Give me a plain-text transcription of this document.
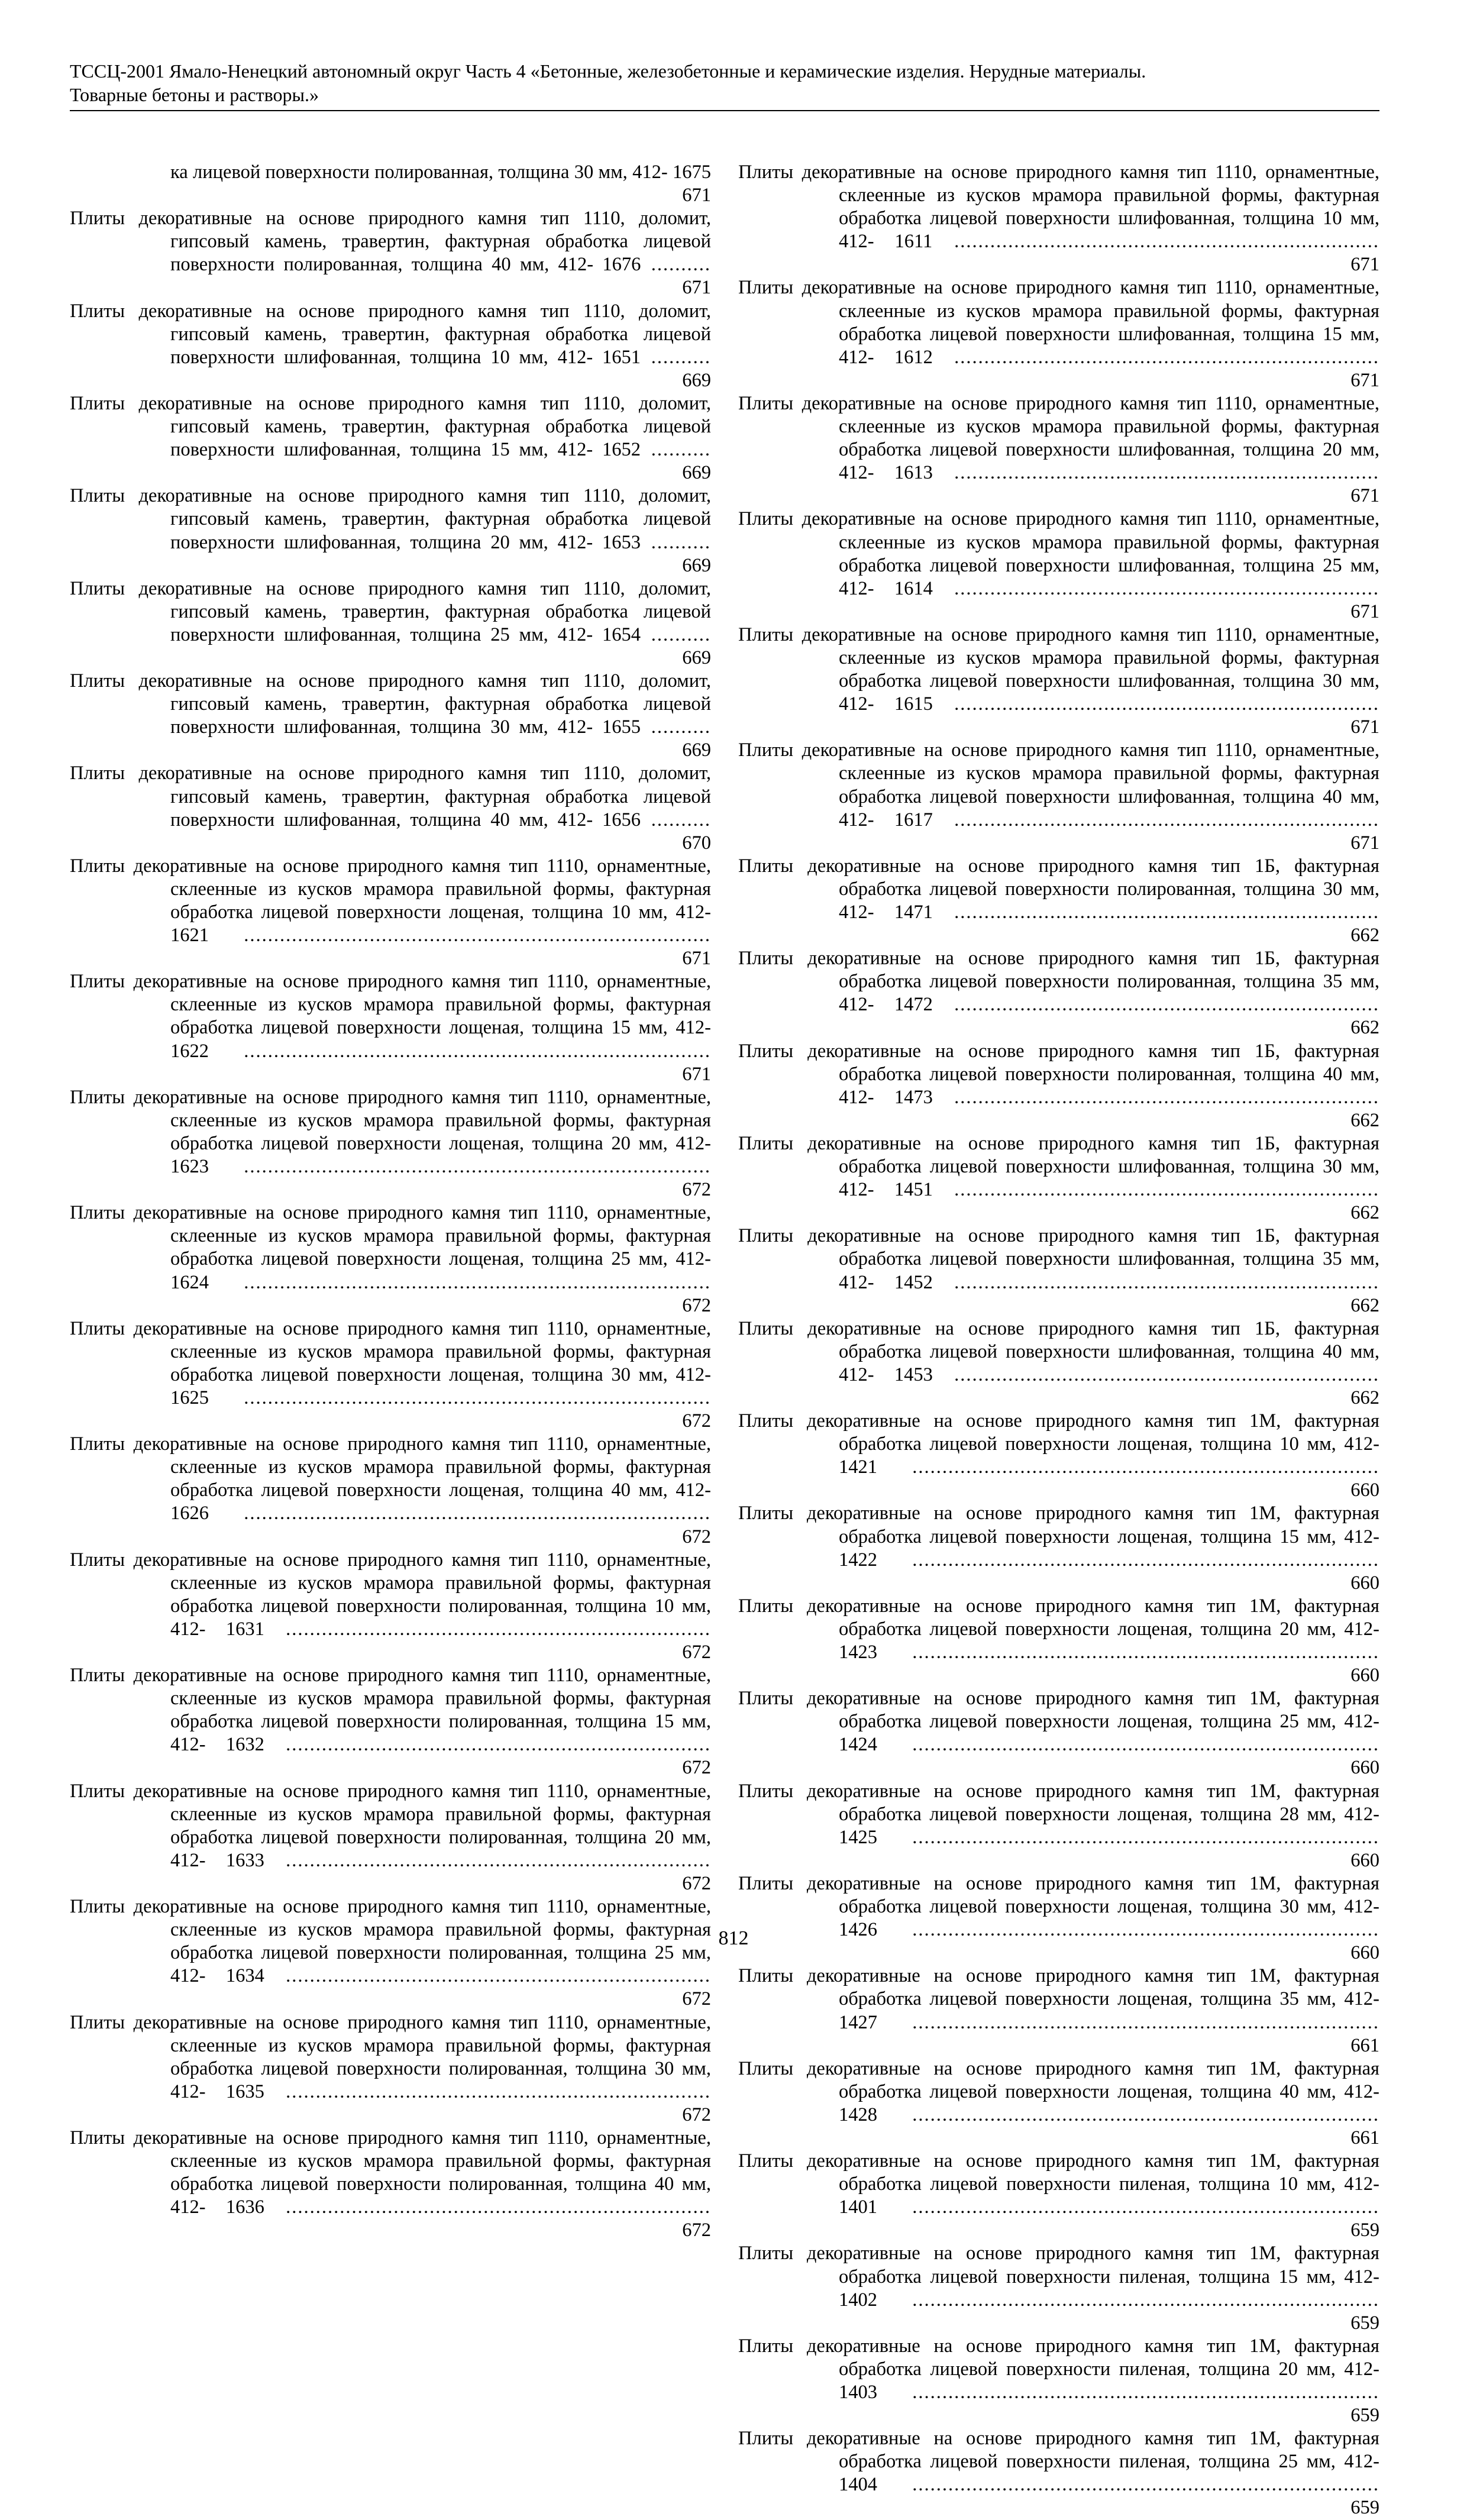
ТССЦ-2001 Ямало-Ненецкий автономный округ Часть 4 «Бетонные, железобетонные и керамические изделия. Нерудные материалы.
Товарные бетоны и растворы.»
ка лицевой поверхности полированная, толщина 30 мм, 412- 1675 671
Плиты декоративные на основе природного камня тип 1110, доломит, гипсовый камень, травертин, фактурная обработка лицевой поверхности полированная, толщина 40 мм, 412- 1676 .......... 671
Плиты декоративные на основе природного камня тип 1110, доломит, гипсовый камень, травертин, фактурная обработка лицевой поверхности шлифованная, толщина 10 мм, 412- 1651 .......... 669
Плиты декоративные на основе природного камня тип 1110, доломит, гипсовый камень, травертин, фактурная обработка лицевой поверхности шлифованная, толщина 15 мм, 412- 1652 .......... 669
Плиты декоративные на основе природного камня тип 1110, доломит, гипсовый камень, травертин, фактурная обработка лицевой поверхности шлифованная, толщина 20 мм, 412- 1653 .......... 669
Плиты декоративные на основе природного камня тип 1110, доломит, гипсовый камень, травертин, фактурная обработка лицевой поверхности шлифованная, толщина 25 мм, 412- 1654 .......... 669
Плиты декоративные на основе природного камня тип 1110, доломит, гипсовый камень, травертин, фактурная обработка лицевой поверхности шлифованная, толщина 30 мм, 412- 1655 .......... 669
Плиты декоративные на основе природного камня тип 1110, доломит, гипсовый камень, травертин, фактурная обработка лицевой поверхности шлифованная, толщина 40 мм, 412- 1656 .......... 670
Плиты декоративные на основе природного камня тип 1110, орнаментные, склеенные из кусков мрамора правильной формы, фактурная обработка лицевой поверхности лощеная, толщина 10 мм, 412- 1621 .............................................................................. 671
Плиты декоративные на основе природного камня тип 1110, орнаментные, склеенные из кусков мрамора правильной формы, фактурная обработка лицевой поверхности лощеная, толщина 15 мм, 412- 1622 .............................................................................. 671
Плиты декоративные на основе природного камня тип 1110, орнаментные, склеенные из кусков мрамора правильной формы, фактурная обработка лицевой поверхности лощеная, толщина 20 мм, 412- 1623 .............................................................................. 672
Плиты декоративные на основе природного камня тип 1110, орнаментные, склеенные из кусков мрамора правильной формы, фактурная обработка лицевой поверхности лощеная, толщина 25 мм, 412- 1624 .............................................................................. 672
Плиты декоративные на основе природного камня тип 1110, орнаментные, склеенные из кусков мрамора правильной формы, фактурная обработка лицевой поверхности лощеная, толщина 30 мм, 412- 1625 .............................................................................. 672
Плиты декоративные на основе природного камня тип 1110, орнаментные, склеенные из кусков мрамора правильной формы, фактурная обработка лицевой поверхности лощеная, толщина 40 мм, 412- 1626 .............................................................................. 672
Плиты декоративные на основе природного камня тип 1110, орнаментные, склеенные из кусков мрамора правильной формы, фактурная обработка лицевой поверхности полированная, толщина 10 мм, 412- 1631 ....................................................................... 672
Плиты декоративные на основе природного камня тип 1110, орнаментные, склеенные из кусков мрамора правильной формы, фактурная обработка лицевой поверхности полированная, толщина 15 мм, 412- 1632 ....................................................................... 672
Плиты декоративные на основе природного камня тип 1110, орнаментные, склеенные из кусков мрамора правильной формы, фактурная обработка лицевой поверхности полированная, толщина 20 мм, 412- 1633 ....................................................................... 672
Плиты декоративные на основе природного камня тип 1110, орнаментные, склеенные из кусков мрамора правильной формы, фактурная обработка лицевой поверхности полированная, толщина 25 мм, 412- 1634 ....................................................................... 672
Плиты декоративные на основе природного камня тип 1110, орнаментные, склеенные из кусков мрамора правильной формы, фактурная обработка лицевой поверхности полированная, толщина 30 мм, 412- 1635 ....................................................................... 672
Плиты декоративные на основе природного камня тип 1110, орнаментные, склеенные из кусков мрамора правильной формы, фактурная обработка лицевой поверхности полированная, толщина 40 мм, 412- 1636 ....................................................................... 672
Плиты декоративные на основе природного камня тип 1110, орнаментные, склеенные из кусков мрамора правильной формы, фактурная обработка лицевой поверхности шлифованная, толщина 10 мм, 412- 1611 ....................................................................... 671
Плиты декоративные на основе природного камня тип 1110, орнаментные, склеенные из кусков мрамора правильной формы, фактурная обработка лицевой поверхности шлифованная, толщина 15 мм, 412- 1612 ....................................................................... 671
Плиты декоративные на основе природного камня тип 1110, орнаментные, склеенные из кусков мрамора правильной формы, фактурная обработка лицевой поверхности шлифованная, толщина 20 мм, 412- 1613 ....................................................................... 671
Плиты декоративные на основе природного камня тип 1110, орнаментные, склеенные из кусков мрамора правильной формы, фактурная обработка лицевой поверхности шлифованная, толщина 25 мм, 412- 1614 ....................................................................... 671
Плиты декоративные на основе природного камня тип 1110, орнаментные, склеенные из кусков мрамора правильной формы, фактурная обработка лицевой поверхности шлифованная, толщина 30 мм, 412- 1615 ....................................................................... 671
Плиты декоративные на основе природного камня тип 1110, орнаментные, склеенные из кусков мрамора правильной формы, фактурная обработка лицевой поверхности шлифованная, толщина 40 мм, 412- 1617 ....................................................................... 671
Плиты декоративные на основе природного камня тип 1Б, фактурная обработка лицевой поверхности полированная, толщина 30 мм, 412- 1471 ....................................................................... 662
Плиты декоративные на основе природного камня тип 1Б, фактурная обработка лицевой поверхности полированная, толщина 35 мм, 412- 1472 ....................................................................... 662
Плиты декоративные на основе природного камня тип 1Б, фактурная обработка лицевой поверхности полированная, толщина 40 мм, 412- 1473 ....................................................................... 662
Плиты декоративные на основе природного камня тип 1Б, фактурная обработка лицевой поверхности шлифованная, толщина 30 мм, 412- 1451 ....................................................................... 662
Плиты декоративные на основе природного камня тип 1Б, фактурная обработка лицевой поверхности шлифованная, толщина 35 мм, 412- 1452 ....................................................................... 662
Плиты декоративные на основе природного камня тип 1Б, фактурная обработка лицевой поверхности шлифованная, толщина 40 мм, 412- 1453 ....................................................................... 662
Плиты декоративные на основе природного камня тип 1М, фактурная обработка лицевой поверхности лощеная, толщина 10 мм, 412- 1421 .............................................................................. 660
Плиты декоративные на основе природного камня тип 1М, фактурная обработка лицевой поверхности лощеная, толщина 15 мм, 412- 1422 .............................................................................. 660
Плиты декоративные на основе природного камня тип 1М, фактурная обработка лицевой поверхности лощеная, толщина 20 мм, 412- 1423 .............................................................................. 660
Плиты декоративные на основе природного камня тип 1М, фактурная обработка лицевой поверхности лощеная, толщина 25 мм, 412- 1424 .............................................................................. 660
Плиты декоративные на основе природного камня тип 1М, фактурная обработка лицевой поверхности лощеная, толщина 28 мм, 412- 1425 .............................................................................. 660
Плиты декоративные на основе природного камня тип 1М, фактурная обработка лицевой поверхности лощеная, толщина 30 мм, 412- 1426 .............................................................................. 660
Плиты декоративные на основе природного камня тип 1М, фактурная обработка лицевой поверхности лощеная, толщина 35 мм, 412- 1427 .............................................................................. 661
Плиты декоративные на основе природного камня тип 1М, фактурная обработка лицевой поверхности лощеная, толщина 40 мм, 412- 1428 .............................................................................. 661
Плиты декоративные на основе природного камня тип 1М, фактурная обработка лицевой поверхности пиленая, толщина 10 мм, 412- 1401 .............................................................................. 659
Плиты декоративные на основе природного камня тип 1М, фактурная обработка лицевой поверхности пиленая, толщина 15 мм, 412- 1402 .............................................................................. 659
Плиты декоративные на основе природного камня тип 1М, фактурная обработка лицевой поверхности пиленая, толщина 20 мм, 412- 1403 .............................................................................. 659
Плиты декоративные на основе природного камня тип 1М, фактурная обработка лицевой поверхности пиленая, толщина 25 мм, 412- 1404 .............................................................................. 659
812
